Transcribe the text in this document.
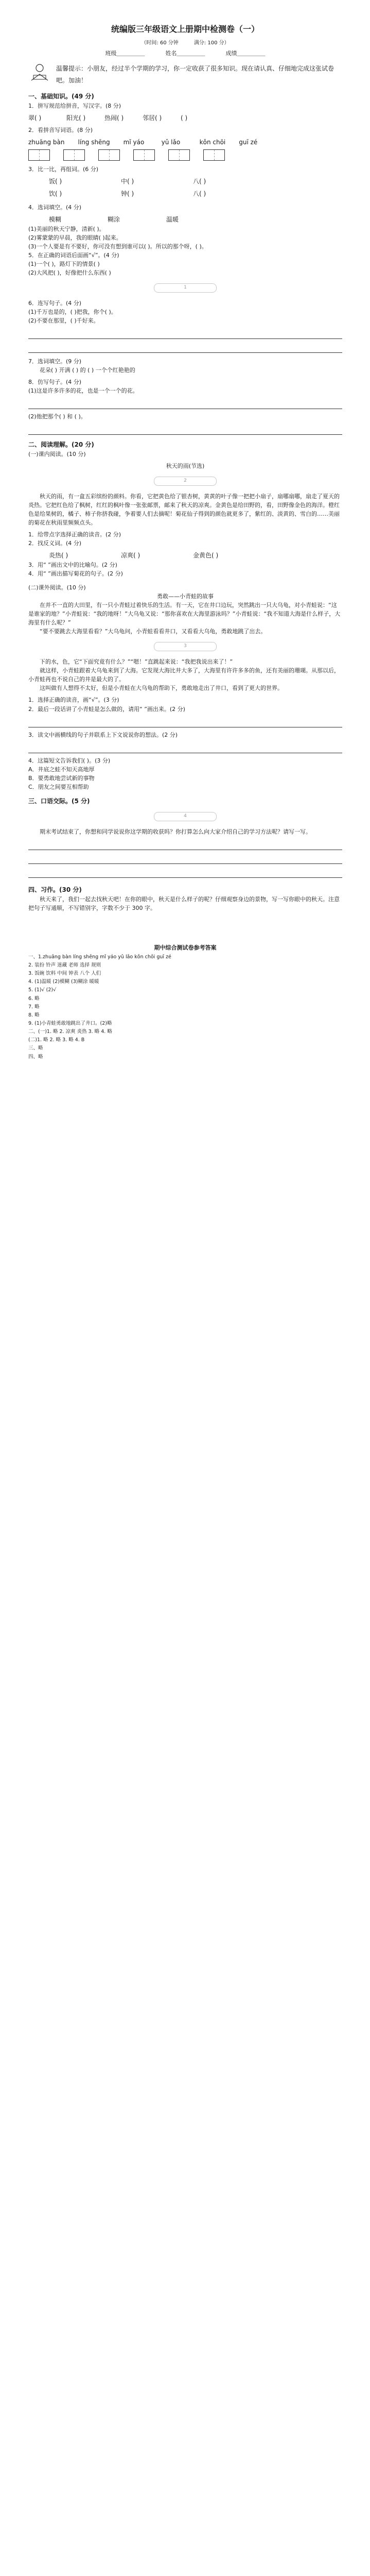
统编版三年级语文上册期中检测卷（一）
（时间: 60 分钟	满分: 100 分）
班级＿＿＿＿＿	姓名＿＿＿＿＿	成绩＿＿＿＿＿
温馨提示：小朋友，经过半个学期的学习，你一定收获了很多知识。现在请认真、仔细地完成这张试卷吧。加油！

一、基础知识。(49 分)

1．拼写规范给拼音，写汉字。(8 分)

翠( )	阳光( )	热闹( )	邻居( )	( )

2．看拼音写词语。(8 分)

zhuāng bàn líng shēng mǐ yáo	yǔ lǎo	kǒn chōi guī zé

3．比一比，再组词。(6 分)

饭( )	中( )	八( )
饮( )	钟( )	八( )

4．选词填空。(4 分)

模糊	糊涂	温暖

(1)美丽的秋天宁静，清新( )。

(2)雾蒙蒙的早晨，我的眼睛( )起来。

(3)一个人要是有不要好，你可没有想到谁可以( )。所以的那个呀，( )。

5．在正确的词语后面画“√”。(4 分)

(1)一个( )，路灯下的情景( )

(2)大风把( )，好像把什么东西( )

1

6．连写句子。(4 分)

(1)千万也是的，( )把我，你个( )。

(2)不要在那里，( )千好来。

7．选词填空。(9 分)

花朵( ) 开满 ( ) 的 ( ) 一个个红艳艳的

8．仿写句子。(4 分)

(1)这是许多许多的花，也是一个一个的花。

(2)他把那个( ) 和 ( )。

二、阅读理解。(20 分)

(一)课内阅读。(10 分)

秋天的雨(节选)

2

秋天的雨，有一盒五彩缤纷的颜料。你看，它把黄色给了银杏树，黄黄的叶子像一把把小扇子，扇哪扇哪，扇走了夏天的炎热。它把红色给了枫树，红红的枫叶像一张张邮票，邮来了秋天的凉爽。金黄色是给田野的，看，田野像金色的海洋。橙红色是给果树的，橘子、柿子你挤我碰，争着要人们去摘呢！菊花仙子得到的颜色就更多了，紫红的、淡黄的、雪白的……美丽的菊花在秋雨里频频点头。

1．给带点字选择正确的读音。(2 分)

2．找反义词。(4 分)

炎热( )	凉爽( )	金黄色( )

3．用“ ”画出文中的比喻句。(2 分)

4．用“ ”画出描写菊花的句子。(2 分)

(二)课外阅读。(10 分)

勇敢——小青蛙的故事

在并不一直的大田里，有一只小青蛙过着快乐的生活。有一天，它在井口边玩，突然跳出一只大乌龟，对小青蛙说：“这是谁家的地？”小青蛙说：“我的地呀！”大乌龟又说：“那你喜欢在大海里游泳吗？”小青蛙说：“我不知道大海是什么样子，大海里有什么呢？”

“要不要跳去大海里看看？”大乌龟问，小青蛙看看井口，又看看大乌龟，勇敢地跳了出去。

3

下的水，色，它“下面究竟有什么？”“嗯！”直跳起来说：“我把我说出来了！”

就这样，小青蛙跟着大乌龟来到了大海。它发现大海比井大多了，大海里有许许多多的鱼，还有美丽的珊瑚。从那以后，小青蛙再也不说自己的井是最大的了。

这叫做有人想得不太好，但是小青蛙在大乌龟的帮助下，勇敢地走出了井口，看到了更大的世界。

1．选择正确的读音，画“√”。(3 分)

2．最后一段话讲了小青蛙是怎么做的，请用“ ”画出来。(2 分)

3．读文中画横线的句子并联系上下文说说你的想法。(2 分)

4．这篇短文告诉我们( )。(3 分)

A．井底之蛙不知天高地厚

B．要勇敢地尝试新的事物

C．朋友之间要互相帮助

三、口语交际。(5 分)

4

期末考试结束了，你想和同学说说你这学期的收获吗？你打算怎么向大家介绍自己的学习方法呢？请写一写。

四、习作。(30 分)

秋天来了，我们一起去找秋天吧！在你的眼中，秋天是什么样子的呢？仔细观察身边的景物，写一写你眼中的秋天。注意把句子写通顺，不写错别字，字数不少于 300 字。

期中综合测试卷参考答案

一、1.zhuāng bàn líng shēng mǐ yáo yǔ lǎo kǒn chōi guī zé

2. 装扮 铃声 迷藏 老师 选择 规则

3. 饭碗 饮料 中间 钟表 八个 人们

4. (1)温暖 (2)模糊 (3)糊涂 暖暖

5. (1)√ (2)√

6. 略

7. 略

8. 略

9. (1)小青蛙勇敢地跳出了井口。(2)略

二、(一)1. 略 2. 凉爽 炎热 3. 略 4. 略

(二)1. 略 2. 略 3. 略 4. B

三、略

四、略
